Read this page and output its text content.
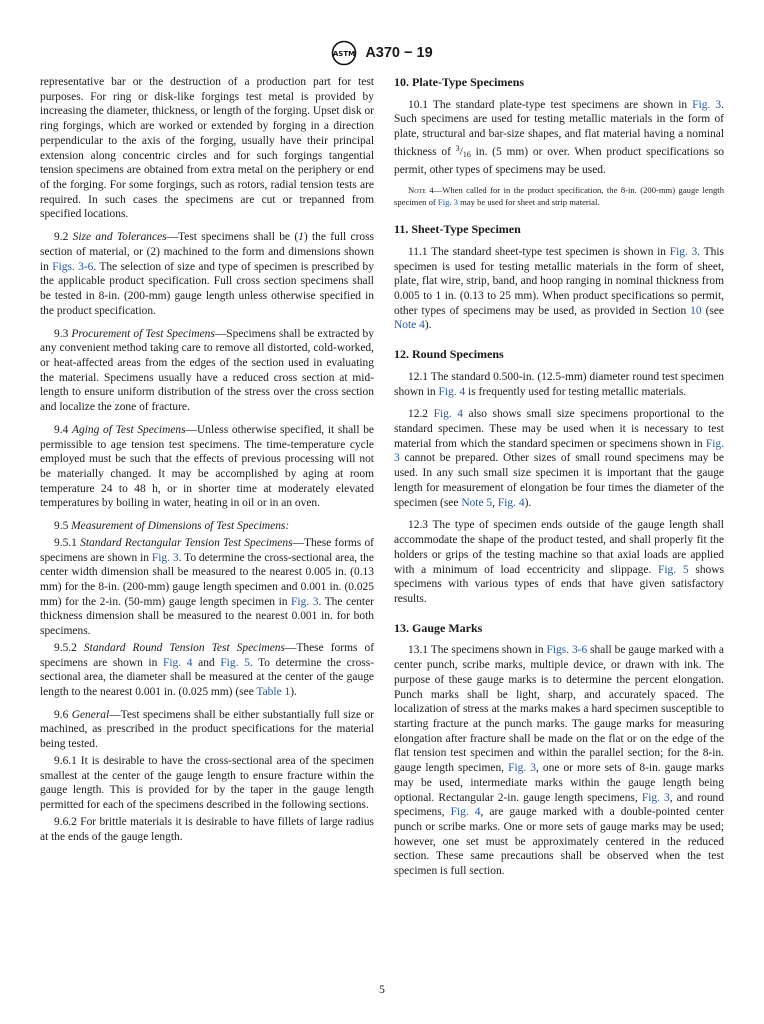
ASTM A370 − 19

representative bar or the destruction of a production part for test purposes. For ring or disk-like forgings test metal is provided by increasing the diameter, thickness, or length of the forging. Upset disk or ring forgings, which are worked or extended by forging in a direction perpendicular to the axis of the forging, usually have their principal extension along concentric circles and for such forgings tangential tension specimens are obtained from extra metal on the periphery or end of the forging. For some forgings, such as rotors, radial tension tests are required. In such cases the specimens are cut or trepanned from specified locations.

9.2 Size and Tolerances—Test specimens shall be (1) the full cross section of material, or (2) machined to the form and dimensions shown in Figs. 3-6. The selection of size and type of specimen is prescribed by the applicable product specification. Full cross section specimens shall be tested in 8-in. (200-mm) gauge length unless otherwise specified in the product specification.

9.3 Procurement of Test Specimens—Specimens shall be extracted by any convenient method taking care to remove all distorted, cold-worked, or heat-affected areas from the edges of the section used in evaluating the material. Specimens usually have a reduced cross section at mid-length to ensure uniform distribution of the stress over the cross section and localize the zone of fracture.

9.4 Aging of Test Specimens—Unless otherwise specified, it shall be permissible to age tension test specimens. The time-temperature cycle employed must be such that the effects of previous processing will not be materially changed. It may be accomplished by aging at room temperature 24 to 48 h, or in shorter time at moderately elevated temperatures by boiling in water, heating in oil or in an oven.

9.5 Measurement of Dimensions of Test Specimens:

9.5.1 Standard Rectangular Tension Test Specimens—These forms of specimens are shown in Fig. 3. To determine the cross-sectional area, the center width dimension shall be measured to the nearest 0.005 in. (0.13 mm) for the 8-in. (200-mm) gauge length specimen and 0.001 in. (0.025 mm) for the 2-in. (50-mm) gauge length specimen in Fig. 3. The center thickness dimension shall be measured to the nearest 0.001 in. for both specimens.

9.5.2 Standard Round Tension Test Specimens—These forms of specimens are shown in Fig. 4 and Fig. 5. To determine the cross-sectional area, the diameter shall be measured at the center of the gauge length to the nearest 0.001 in. (0.025 mm) (see Table 1).

9.6 General—Test specimens shall be either substantially full size or machined, as prescribed in the product specifications for the material being tested.

9.6.1 It is desirable to have the cross-sectional area of the specimen smallest at the center of the gauge length to ensure fracture within the gauge length. This is provided for by the taper in the gauge length permitted for each of the specimens described in the following sections.

9.6.2 For brittle materials it is desirable to have fillets of large radius at the ends of the gauge length.

10. Plate-Type Specimens

10.1 The standard plate-type test specimens are shown in Fig. 3. Such specimens are used for testing metallic materials in the form of plate, structural and bar-size shapes, and flat material having a nominal thickness of $^3/_{16}$ in. (5 mm) or over. When product specifications so permit, other types of specimens may be used.

Note 4—When called for in the product specification, the 8-in. (200-mm) gauge length specimen of Fig. 3 may be used for sheet and strip material.

11. Sheet-Type Specimen

11.1 The standard sheet-type test specimen is shown in Fig. 3. This specimen is used for testing metallic materials in the form of sheet, plate, flat wire, strip, band, and hoop ranging in nominal thickness from 0.005 to 1 in. (0.13 to 25 mm). When product specifications so permit, other types of specimens may be used, as provided in Section 10 (see Note 4).

12. Round Specimens

12.1 The standard 0.500-in. (12.5-mm) diameter round test specimen shown in Fig. 4 is frequently used for testing metallic materials.

12.2 Fig. 4 also shows small size specimens proportional to the standard specimen. These may be used when it is necessary to test material from which the standard specimen or specimens shown in Fig. 3 cannot be prepared. Other sizes of small round specimens may be used. In any such small size specimen it is important that the gauge length for measurement of elongation be four times the diameter of the specimen (see Note 5, Fig. 4).

12.3 The type of specimen ends outside of the gauge length shall accommodate the shape of the product tested, and shall properly fit the holders or grips of the testing machine so that axial loads are applied with a minimum of load eccentricity and slippage. Fig. 5 shows specimens with various types of ends that have given satisfactory results.

13. Gauge Marks

13.1 The specimens shown in Figs. 3-6 shall be gauge marked with a center punch, scribe marks, multiple device, or drawn with ink. The purpose of these gauge marks is to determine the percent elongation. Punch marks shall be light, sharp, and accurately spaced. The localization of stress at the marks makes a hard specimen susceptible to starting fracture at the punch marks. The gauge marks for measuring elongation after fracture shall be made on the flat or on the edge of the flat tension test specimen and within the parallel section; for the 8-in. gauge length specimen, Fig. 3, one or more sets of 8-in. gauge marks may be used, intermediate marks within the gauge length being optional. Rectangular 2-in. gauge length specimens, Fig. 3, and round specimens, Fig. 4, are gauge marked with a double-pointed center punch or scribe marks. One or more sets of gauge marks may be used; however, one set must be approximately centered in the reduced section. These same precautions shall be observed when the test specimen is full section.

5
